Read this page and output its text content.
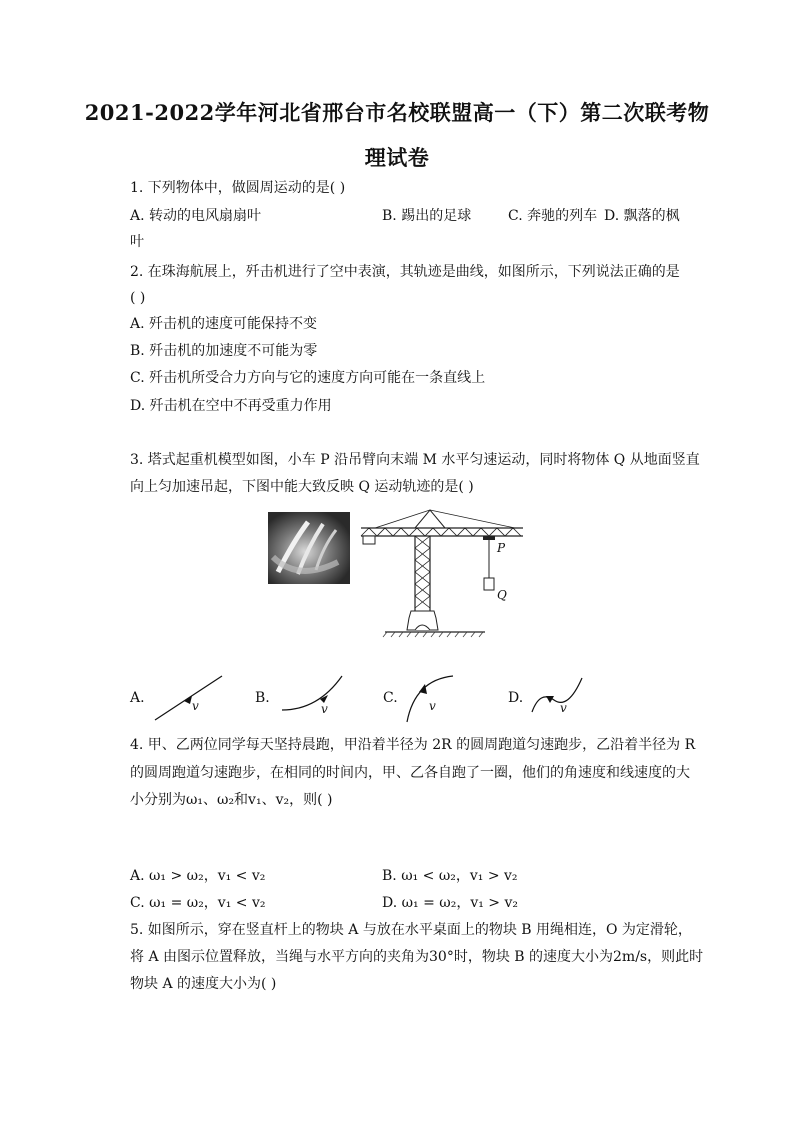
2021-2022学年河北省邢台市名校联盟高一（下）第二次联考物
理试卷
1. 下列物体中，做圆周运动的是( )
A. 转动的电风扇扇叶	B. 踢出的足球	C. 奔驰的列车 D. 飘落的枫
叶
2. 在珠海航展上，歼击机进行了空中表演，其轨迹是曲线，如图所示，下列说法正确的是
( )
A. 歼击机的速度可能保持不变
B. 歼击机的加速度不可能为零
C. 歼击机所受合力方向与它的速度方向可能在一条直线上
D. 歼击机在空中不再受重力作用
3. 塔式起重机模型如图，小车 P 沿吊臂向末端 M 水平匀速运动，同时将物体 Q 从地面竖直
向上匀加速吊起，下图中能大致反映 Q 运动轨迹的是( )
P
Q
A.	v	B.
v
C.	v	D.
v
4. 甲、乙两位同学每天坚持晨跑，甲沿着半径为 2R 的圆周跑道匀速跑步，乙沿着半径为 R
的圆周跑道匀速跑步，在相同的时间内，甲、乙各自跑了一圈，他们的角速度和线速度的大
小分别为ω₁、ω₂和v₁、v₂，则( )
A. ω₁ > ω₂，v₁ < v₂	B. ω₁ < ω₂，v₁ > v₂
C. ω₁ = ω₂，v₁ < v₂	D. ω₁ = ω₂，v₁ > v₂
5. 如图所示，穿在竖直杆上的物块 A 与放在水平桌面上的物块 B 用绳相连，O 为定滑轮，
将 A 由图示位置释放，当绳与水平方向的夹角为30°时，物块 B 的速度大小为2m/s，则此时
物块 A 的速度大小为( )
